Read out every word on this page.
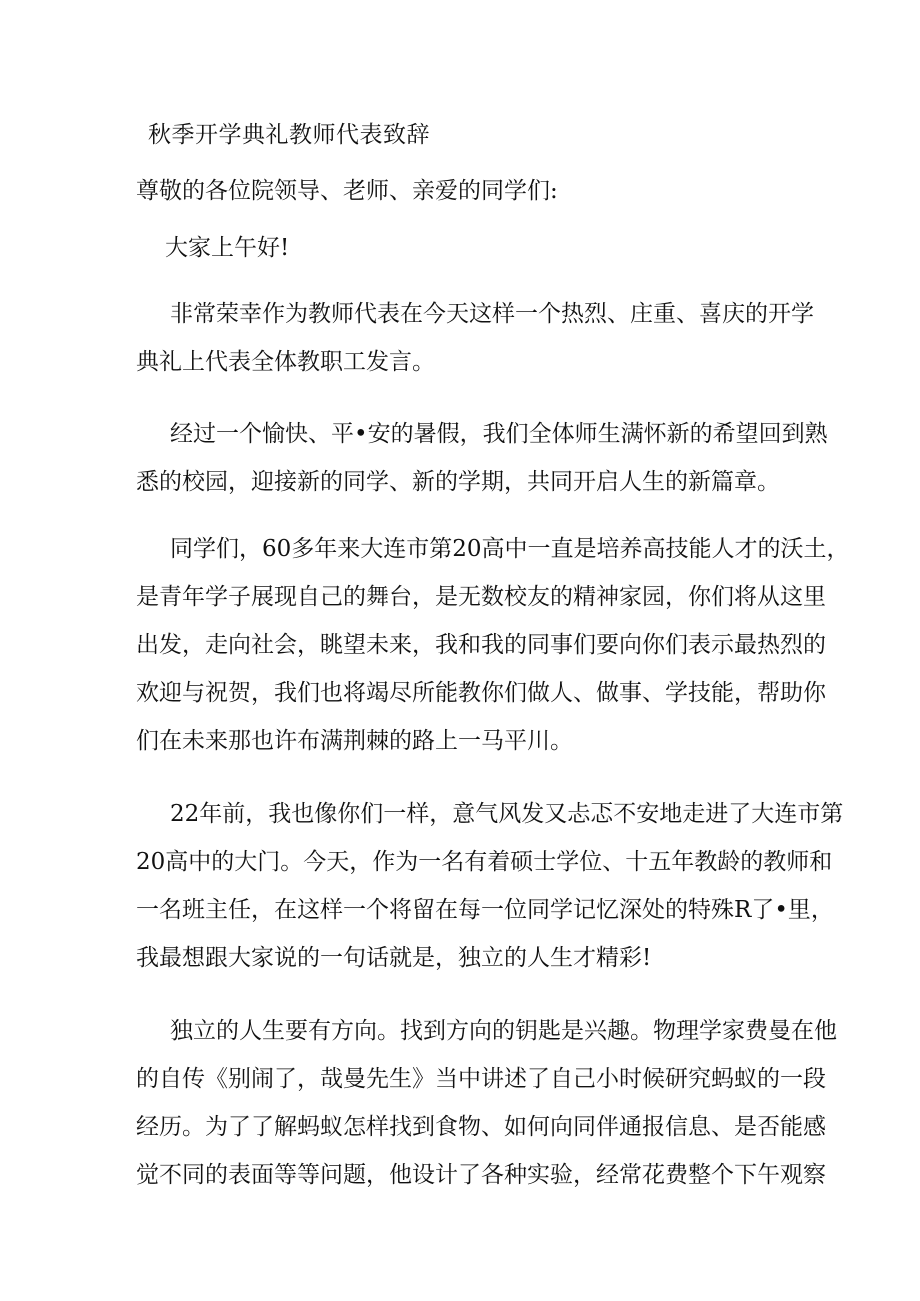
秋季开学典礼教师代表致辞
尊敬的各位院领导、老师、亲爱的同学们:
大家上午好!

非常荣幸作为教师代表在今天这样一个热烈、庄重、喜庆的开学
典礼上代表全体教职工发言。

经过一个愉快、平•安的暑假，我们全体师生满怀新的希望回到熟
悉的校园，迎接新的同学、新的学期，共同开启人生的新篇章。

同学们，60多年来大连市第20高中一直是培养高技能人才的沃土，
是青年学子展现自己的舞台，是无数校友的精神家园，你们将从这里
出发，走向社会，眺望未来，我和我的同事们要向你们表示最热烈的
欢迎与祝贺，我们也将竭尽所能教你们做人、做事、学技能，帮助你
们在未来那也许布满荆棘的路上一马平川。

22年前，我也像你们一样，意气风发又忐忑不安地走进了大连市第
20高中的大门。今天，作为一名有着硕士学位、十五年教龄的教师和
一名班主任，在这样一个将留在每一位同学记忆深处的特殊R了•里，
我最想跟大家说的一句话就是，独立的人生才精彩!

独立的人生要有方向。找到方向的钥匙是兴趣。物理学家费曼在他
的自传《别闹了，哉曼先生》当中讲述了自己小时候研究蚂蚁的一段
经历。为了了解蚂蚁怎样找到食物、如何向同伴通报信息、是否能感
觉不同的表面等等问题，他设计了各种实验，经常花费整个下午观察
